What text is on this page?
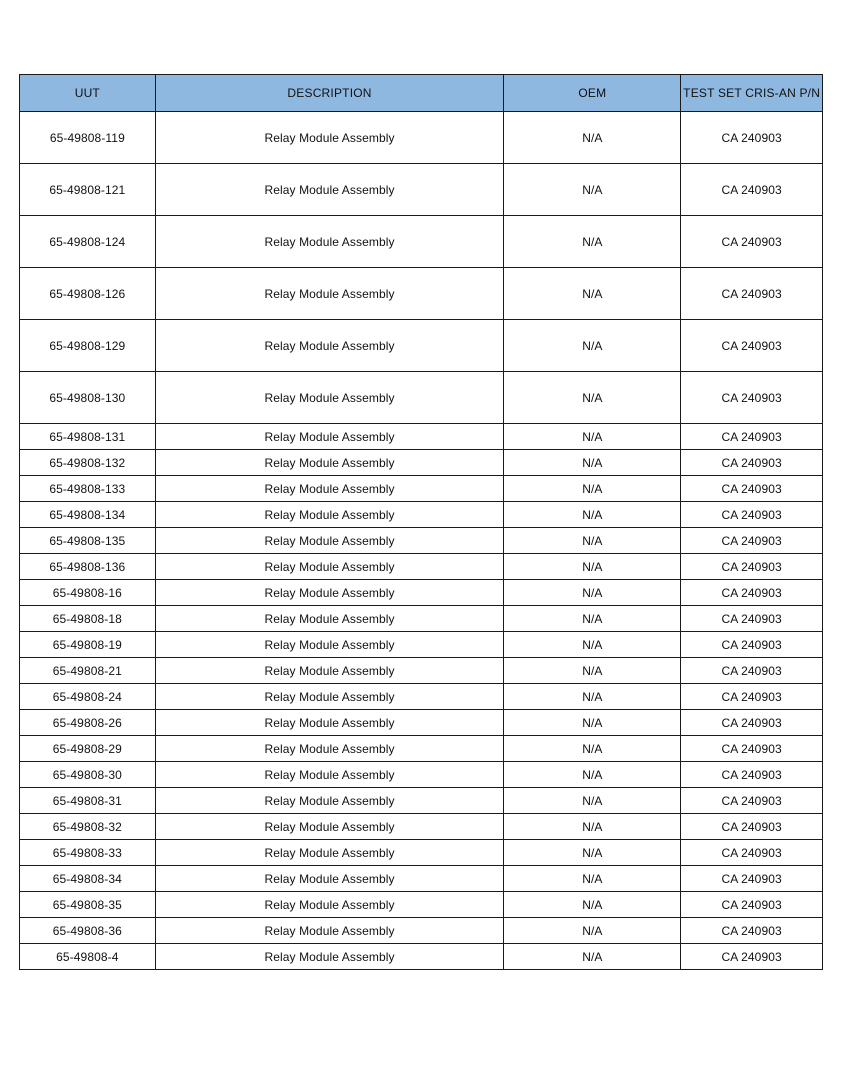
UUT	DESCRIPTION	OEM	TEST SET CRIS-AN P/N
65-49808-119	Relay Module Assembly	N/A	CA 240903
65-49808-121	Relay Module Assembly	N/A	CA 240903
65-49808-124	Relay Module Assembly	N/A	CA 240903
65-49808-126	Relay Module Assembly	N/A	CA 240903
65-49808-129	Relay Module Assembly	N/A	CA 240903
65-49808-130	Relay Module Assembly	N/A	CA 240903
65-49808-131	Relay Module Assembly	N/A	CA 240903
65-49808-132	Relay Module Assembly	N/A	CA 240903
65-49808-133	Relay Module Assembly	N/A	CA 240903
65-49808-134	Relay Module Assembly	N/A	CA 240903
65-49808-135	Relay Module Assembly	N/A	CA 240903
65-49808-136	Relay Module Assembly	N/A	CA 240903
65-49808-16	Relay Module Assembly	N/A	CA 240903
65-49808-18	Relay Module Assembly	N/A	CA 240903
65-49808-19	Relay Module Assembly	N/A	CA 240903
65-49808-21	Relay Module Assembly	N/A	CA 240903
65-49808-24	Relay Module Assembly	N/A	CA 240903
65-49808-26	Relay Module Assembly	N/A	CA 240903
65-49808-29	Relay Module Assembly	N/A	CA 240903
65-49808-30	Relay Module Assembly	N/A	CA 240903
65-49808-31	Relay Module Assembly	N/A	CA 240903
65-49808-32	Relay Module Assembly	N/A	CA 240903
65-49808-33	Relay Module Assembly	N/A	CA 240903
65-49808-34	Relay Module Assembly	N/A	CA 240903
65-49808-35	Relay Module Assembly	N/A	CA 240903
65-49808-36	Relay Module Assembly	N/A	CA 240903
65-49808-4	Relay Module Assembly	N/A	CA 240903
